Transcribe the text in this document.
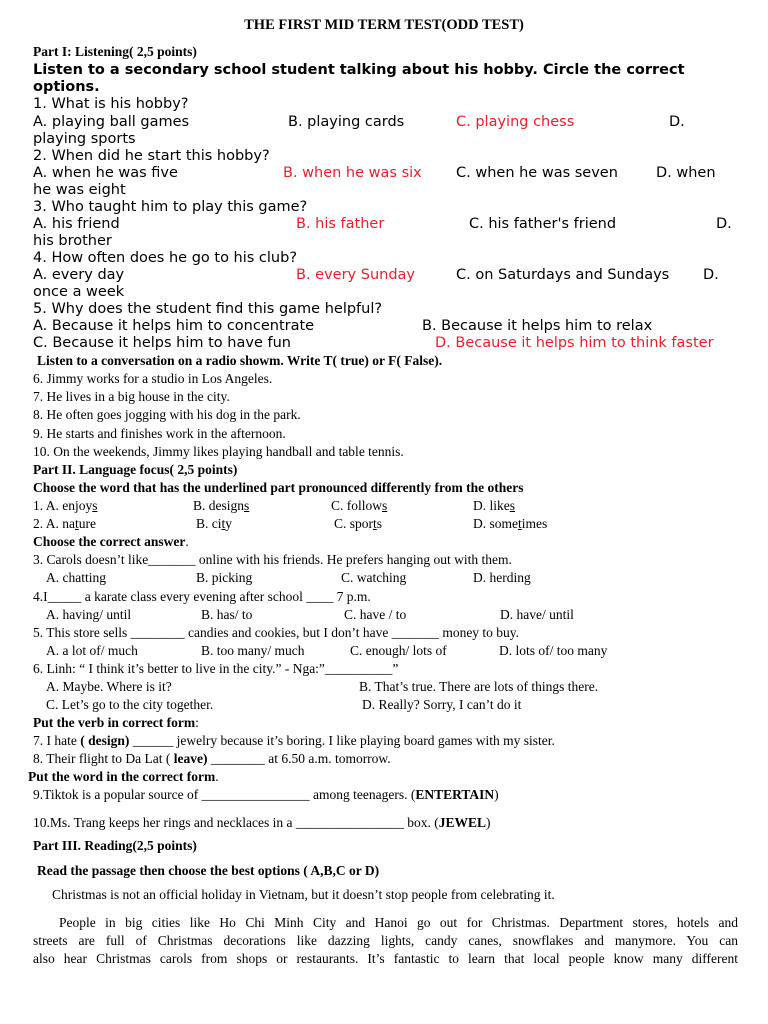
THE FIRST MID TERM TEST(ODD TEST)
Part I: Listening( 2,5 points)
Listen to a secondary school student talking about his hobby. Circle the correct
options.
1. What is his hobby?
A. playing ball games	B. playing cards	C. playing chess	D.
playing sports
2. When did he start this hobby?
A. when he was five	B. when he was six C. when he was seven	D. when
he was eight
3. Who taught him to play this game?
A. his friend	B. his father	C. his father's friend	D.
his brother
4. How often does he go to his club?
A. every day	B. every Sunday	C. on Saturdays and Sundays D.
once a week
5. Why does the student find this game helpful?
A. Because it helps him to concentrate	B. Because it helps him to relax
C. Because it helps him to have fun	D. Because it helps him to think faster
Listen to a conversation on a radio showm. Write T( true) or F( False).
6. Jimmy works for a studio in Los Angeles.
7. He lives in a big house in the city.
8. He often goes jogging with his dog in the park.
9. He starts and finishes work in the afternoon.
10. On the weekends, Jimmy likes playing handball and table tennis.
Part II. Language focus( 2,5 points)
Choose the word that has the underlined part pronounced differently from the others
1. A. enjoys	B. designs	C. follows	D. likes
2. A. nature	B. city	C. sports	D. sometimes
Choose the correct answer.
3. Carols doesn’t like_______ online with his friends. He prefers hanging out with them.
A. chatting	B. picking	C. watching	D. herding
4.I_____ a karate class every evening after school ____ 7 p.m.
A. having/ until	B. has/ to	C. have / to	D. have/ until
5. This store sells ________ candies and cookies, but I don’t have _______ money to buy.
A. a lot of/ much	B. too many/ much	C. enough/ lots of	D. lots of/ too many
6. Linh: “ I think it’s better to live in the city.” - Nga:”__________”
A. Maybe. Where is it?	B. That’s true. There are lots of things there.
C. Let’s go to the city together.	D. Really? Sorry, I can’t do it
Put the verb in correct form:
7. I hate ( design) ______ jewelry because it’s boring. I like playing board games with my sister.
8. Their flight to Da Lat ( leave) ________ at 6.50 a.m. tomorrow.
Put the word in the correct form.
9.Tiktok is a popular source of ________________ among teenagers. (ENTERTAIN)
10.Ms. Trang keeps her rings and necklaces in a ________________ box. (JEWEL)
Part III. Reading(2,5 points)
Read the passage then choose the best options ( A,B,C or D)
Christmas is not an official holiday in Vietnam, but it doesn’t stop people from celebrating it.
People in big cities like Ho Chi Minh City and Hanoi go out for Christmas. Department stores, hotels and
streets are full of Christmas decorations like dazzing lights, candy canes, snowflakes and manymore. You can
also hear Christmas carols from shops or restaurants. It’s fantastic to learn that local people know many different
